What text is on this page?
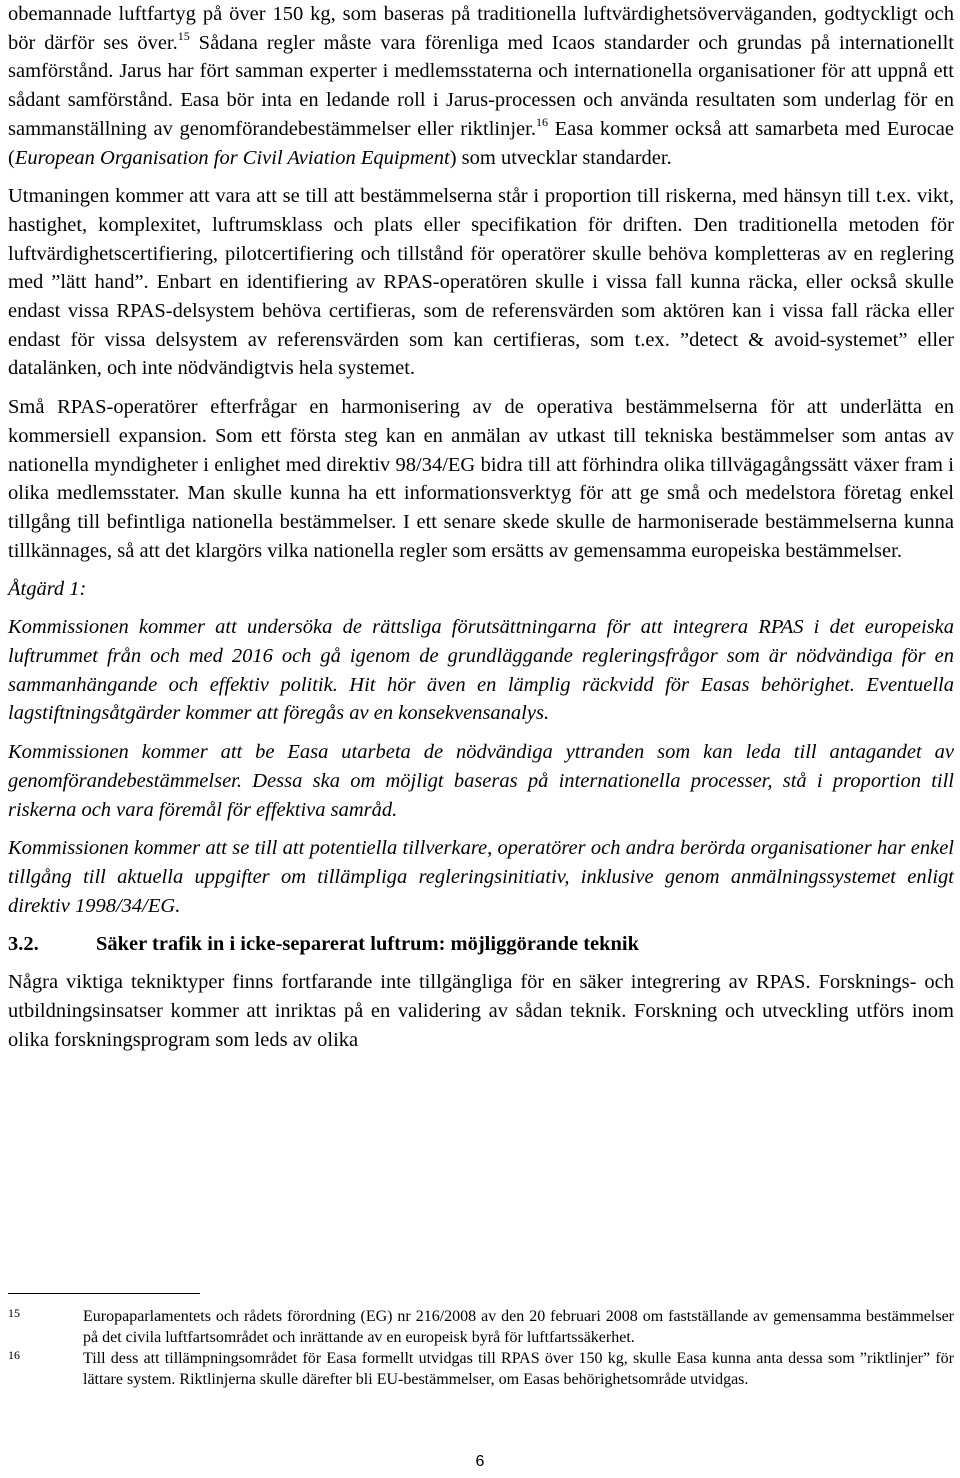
obemannade luftfartyg på över 150 kg, som baseras på traditionella luftvärdighetsöverväganden, godtyckligt och bör därför ses över.$^{15}$ Sådana regler måste vara förenliga med Icaos standarder och grundas på internationellt samförstånd. Jarus har fört samman experter i medlemsstaterna och internationella organisationer för att uppnå ett sådant samförstånd. Easa bör inta en ledande roll i Jarus-processen och använda resultaten som underlag för en sammanställning av genomförandebestämmelser eller riktlinjer.$^{16}$ Easa kommer också att samarbeta med Eurocae (European Organisation for Civil Aviation Equipment) som utvecklar standarder.

Utmaningen kommer att vara att se till att bestämmelserna står i proportion till riskerna, med hänsyn till t.ex. vikt, hastighet, komplexitet, luftrumsklass och plats eller specifikation för driften. Den traditionella metoden för luftvärdighetscertifiering, pilotcertifiering och tillstånd för operatörer skulle behöva kompletteras av en reglering med ”lätt hand”. Enbart en identifiering av RPAS-operatören skulle i vissa fall kunna räcka, eller också skulle endast vissa RPAS-delsystem behöva certifieras, som de referensvärden som aktören kan i vissa fall räcka eller endast för vissa delsystem av referensvärden som kan certifieras, som t.ex. ”detect & avoid-systemet” eller datalänken, och inte nödvändigtvis hela systemet.

Små RPAS-operatörer efterfrågar en harmonisering av de operativa bestämmelserna för att underlätta en kommersiell expansion. Som ett första steg kan en anmälan av utkast till tekniska bestämmelser som antas av nationella myndigheter i enlighet med direktiv 98/34/EG bidra till att förhindra olika tillvägagångssätt växer fram i olika medlemsstater. Man skulle kunna ha ett informationsverktyg för att ge små och medelstora företag enkel tillgång till befintliga nationella bestämmelser. I ett senare skede skulle de harmoniserade bestämmelserna kunna tillkännages, så att det klargörs vilka nationella regler som ersätts av gemensamma europeiska bestämmelser.

Åtgärd 1:

Kommissionen kommer att undersöka de rättsliga förutsättningarna för att integrera RPAS i det europeiska luftrummet från och med 2016 och gå igenom de grundläggande regleringsfrågor som är nödvändiga för en sammanhängande och effektiv politik. Hit hör även en lämplig räckvidd för Easas behörighet. Eventuella lagstiftningsåtgärder kommer att föregås av en konsekvensanalys.

Kommissionen kommer att be Easa utarbeta de nödvändiga yttranden som kan leda till antagandet av genomförandebestämmelser. Dessa ska om möjligt baseras på internationella processer, stå i proportion till riskerna och vara föremål för effektiva samråd.

Kommissionen kommer att se till att potentiella tillverkare, operatörer och andra berörda organisationer har enkel tillgång till aktuella uppgifter om tillämpliga regleringsinitiativ, inklusive genom anmälningssystemet enligt direktiv 1998/34/EG.

3.2.	Säker trafik in i icke-separerat luftrum: möjliggörande teknik

Några viktiga tekniktyper finns fortfarande inte tillgängliga för en säker integrering av RPAS. Forsknings- och utbildningsinsatser kommer att inriktas på en validering av sådan teknik. Forskning och utveckling utförs inom olika forskningsprogram som leds av olika

15	Europaparlamentets och rådets förordning (EG) nr 216/2008 av den 20 februari 2008 om fastställande av gemensamma bestämmelser på det civila luftfartsområdet och inrättande av en europeisk byrå för luftfartssäkerhet.
16	Till dess att tillämpningsområdet för Easa formellt utvidgas till RPAS över 150 kg, skulle Easa kunna anta dessa som ”riktlinjer” för lättare system. Riktlinjerna skulle därefter bli EU-bestämmelser, om Easas behörighetsområde utvidgas.
6
